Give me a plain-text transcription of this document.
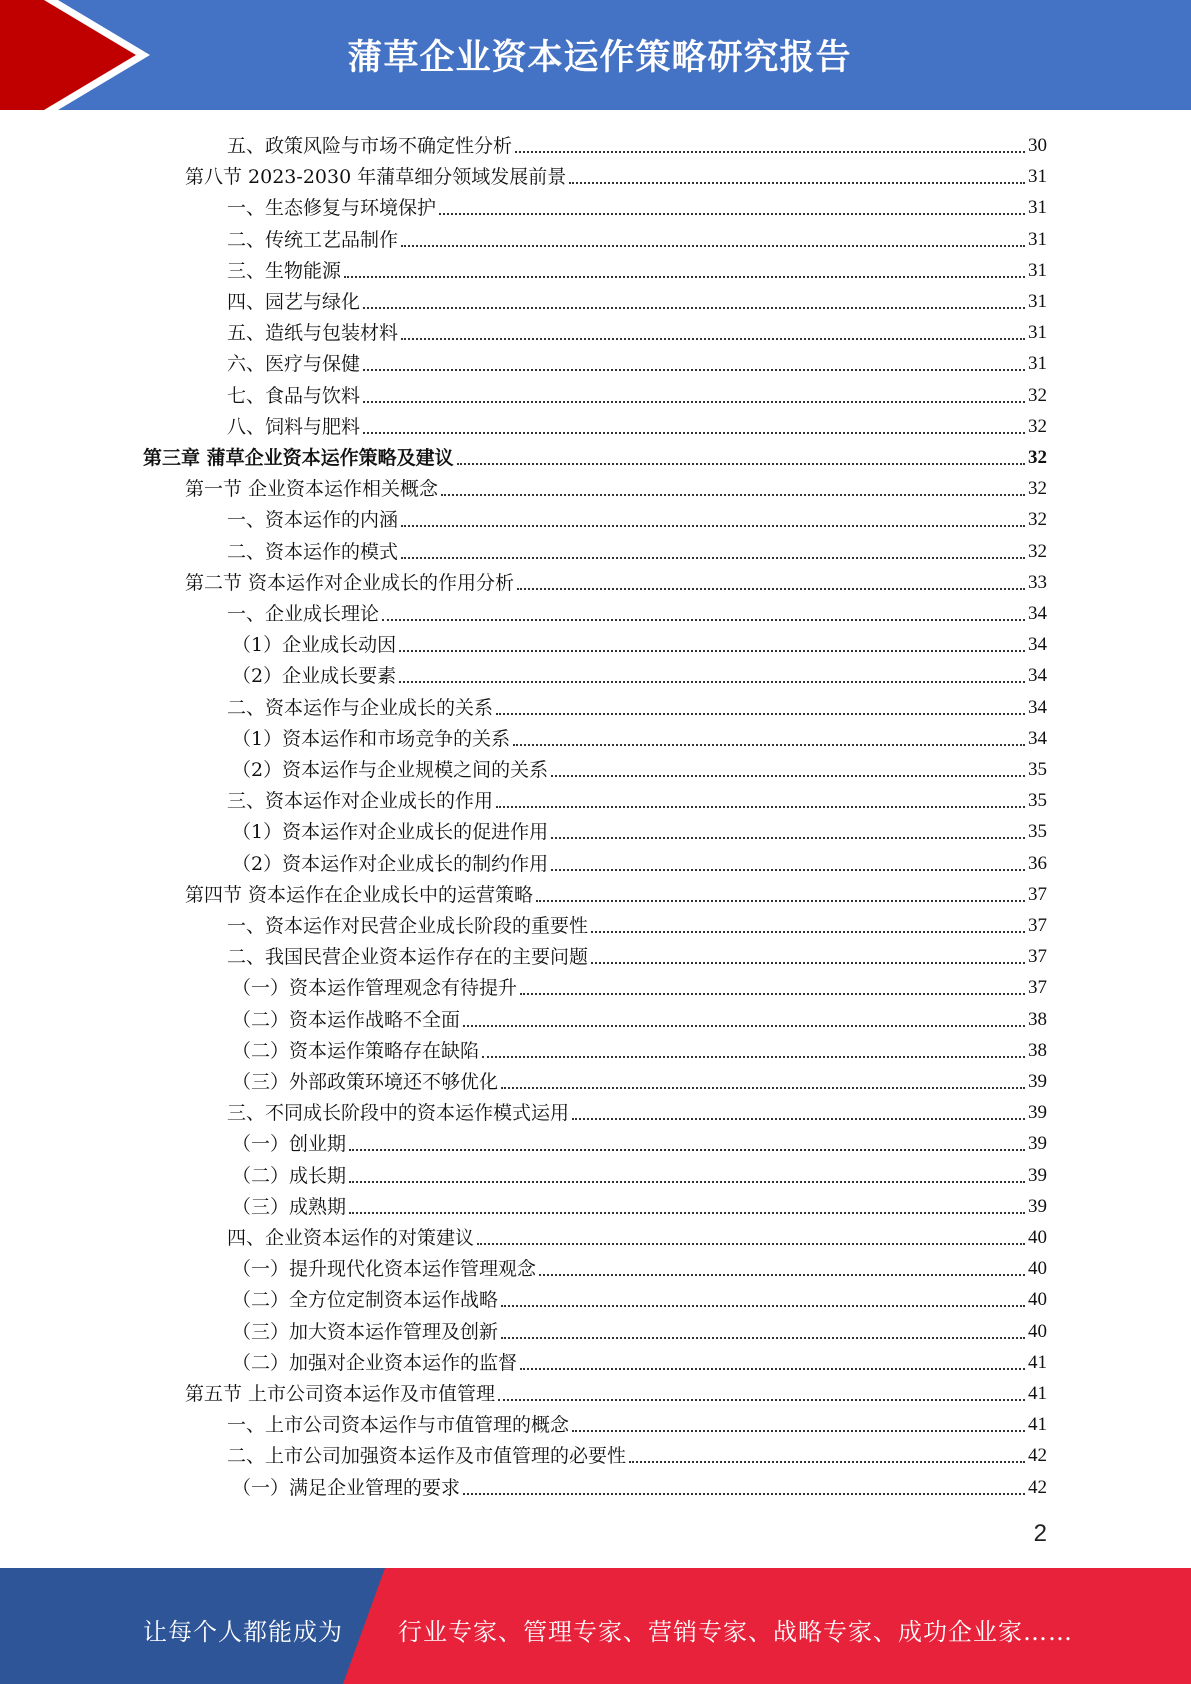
蒲草企业资本运作策略研究报告
五、政策风险与市场不确定性分析	30
第八节 2023-2030 年蒲草细分领域发展前景	31
一、生态修复与环境保护	31
二、传统工艺品制作	31
三、生物能源	31
四、园艺与绿化	31
五、造纸与包装材料	31
六、医疗与保健	31
七、食品与饮料	32
八、饲料与肥料	32
第三章 蒲草企业资本运作策略及建议	32
第一节 企业资本运作相关概念	32
一、资本运作的内涵	32
二、资本运作的模式	32
第二节 资本运作对企业成长的作用分析	33
一、企业成长理论	34
（1）企业成长动因	34
（2）企业成长要素	34
二、资本运作与企业成长的关系	34
（1）资本运作和市场竞争的关系	34
（2）资本运作与企业规模之间的关系	35
三、资本运作对企业成长的作用	35
（1）资本运作对企业成长的促进作用	35
（2）资本运作对企业成长的制约作用	36
第四节 资本运作在企业成长中的运营策略	37
一、资本运作对民营企业成长阶段的重要性	37
二、我国民营企业资本运作存在的主要问题	37
（一）资本运作管理观念有待提升	37
（二）资本运作战略不全面	38
（二）资本运作策略存在缺陷	38
（三）外部政策环境还不够优化	39
三、不同成长阶段中的资本运作模式运用	39
（一）创业期	39
（二）成长期	39
（三）成熟期	39
四、企业资本运作的对策建议	40
（一）提升现代化资本运作管理观念	40
（二）全方位定制资本运作战略	40
（三）加大资本运作管理及创新	40
（二）加强对企业资本运作的监督	41
第五节 上市公司资本运作及市值管理	41
一、上市公司资本运作与市值管理的概念	41
二、上市公司加强资本运作及市值管理的必要性	42
（一）满足企业管理的要求	42
2
让每个人都能成为 行业专家、管理专家、营销专家、战略专家、成功企业家……
